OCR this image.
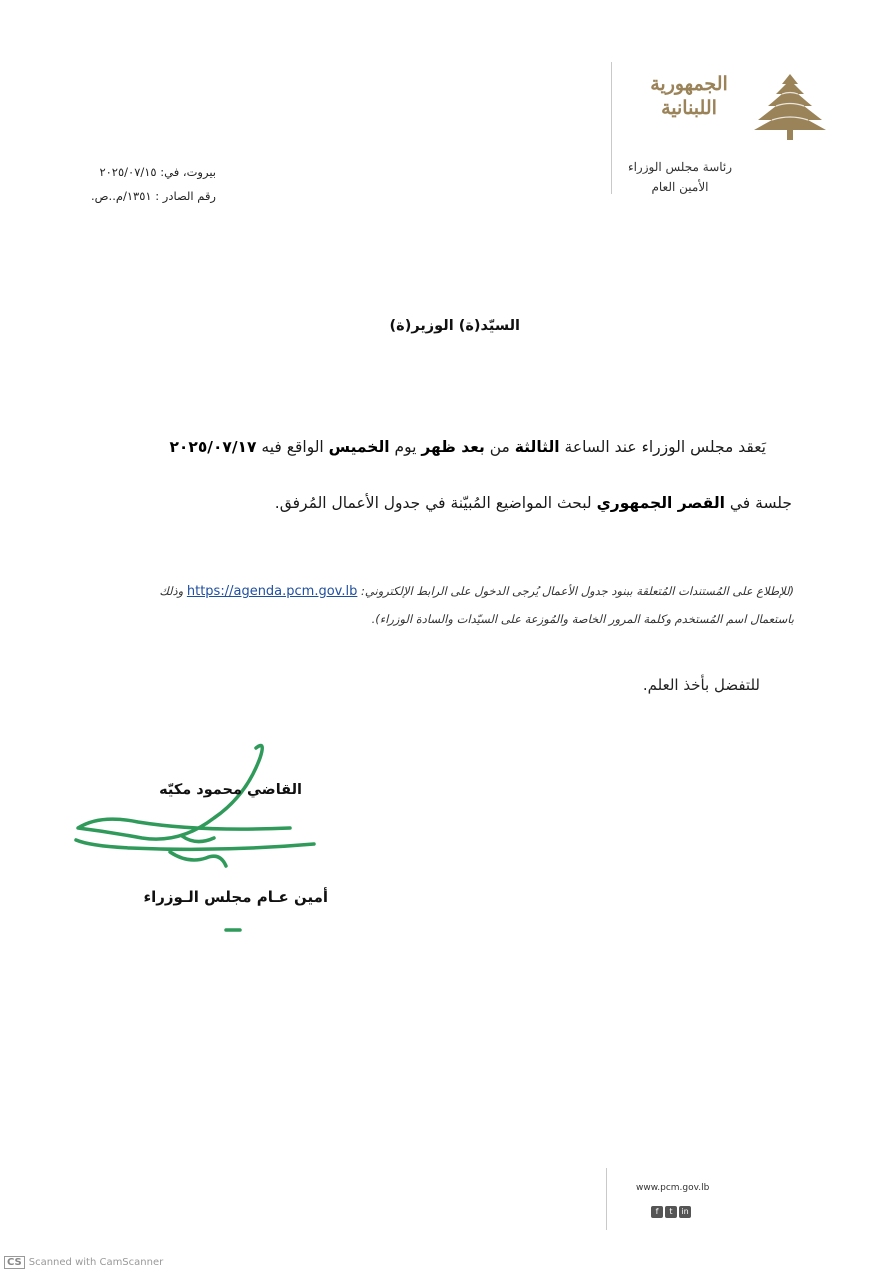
الجمهورية اللبنانية
رئاسة مجلس الوزراء
الأمين العام
بيروت، في: ٢٠٢٥/٠٧/١٥
رقم الصادر : ١٣٥١/م..ص.
السيّد(ة) الوزير(ة)
يَعقد مجلس الوزراء عند الساعة الثالثة من بعد ظهر يوم الخميس الواقع فيه ٢٠٢٥/٠٧/١٧
جلسة في القصر الجمهوري لبحث المواضيع المُبيّنة في جدول الأعمال المُرفق.
(للإطلاع على المُستندات المُتعلقة ببنود جدول الأعمال يُرجى الدخول على الرابط الإلكتروني: https://agenda.pcm.gov.lb وذلك
باستعمال اسم المُستخدم وكلمة المرور الخاصة والمُوزعة على السيّدات والسادة الوزراء).
للتفضل بأخذ العلم.
القاضي محمود مكيّه
أمين عـام مجلس الـوزراء
www.pcm.gov.lb
f t in
CS Scanned with CamScanner
